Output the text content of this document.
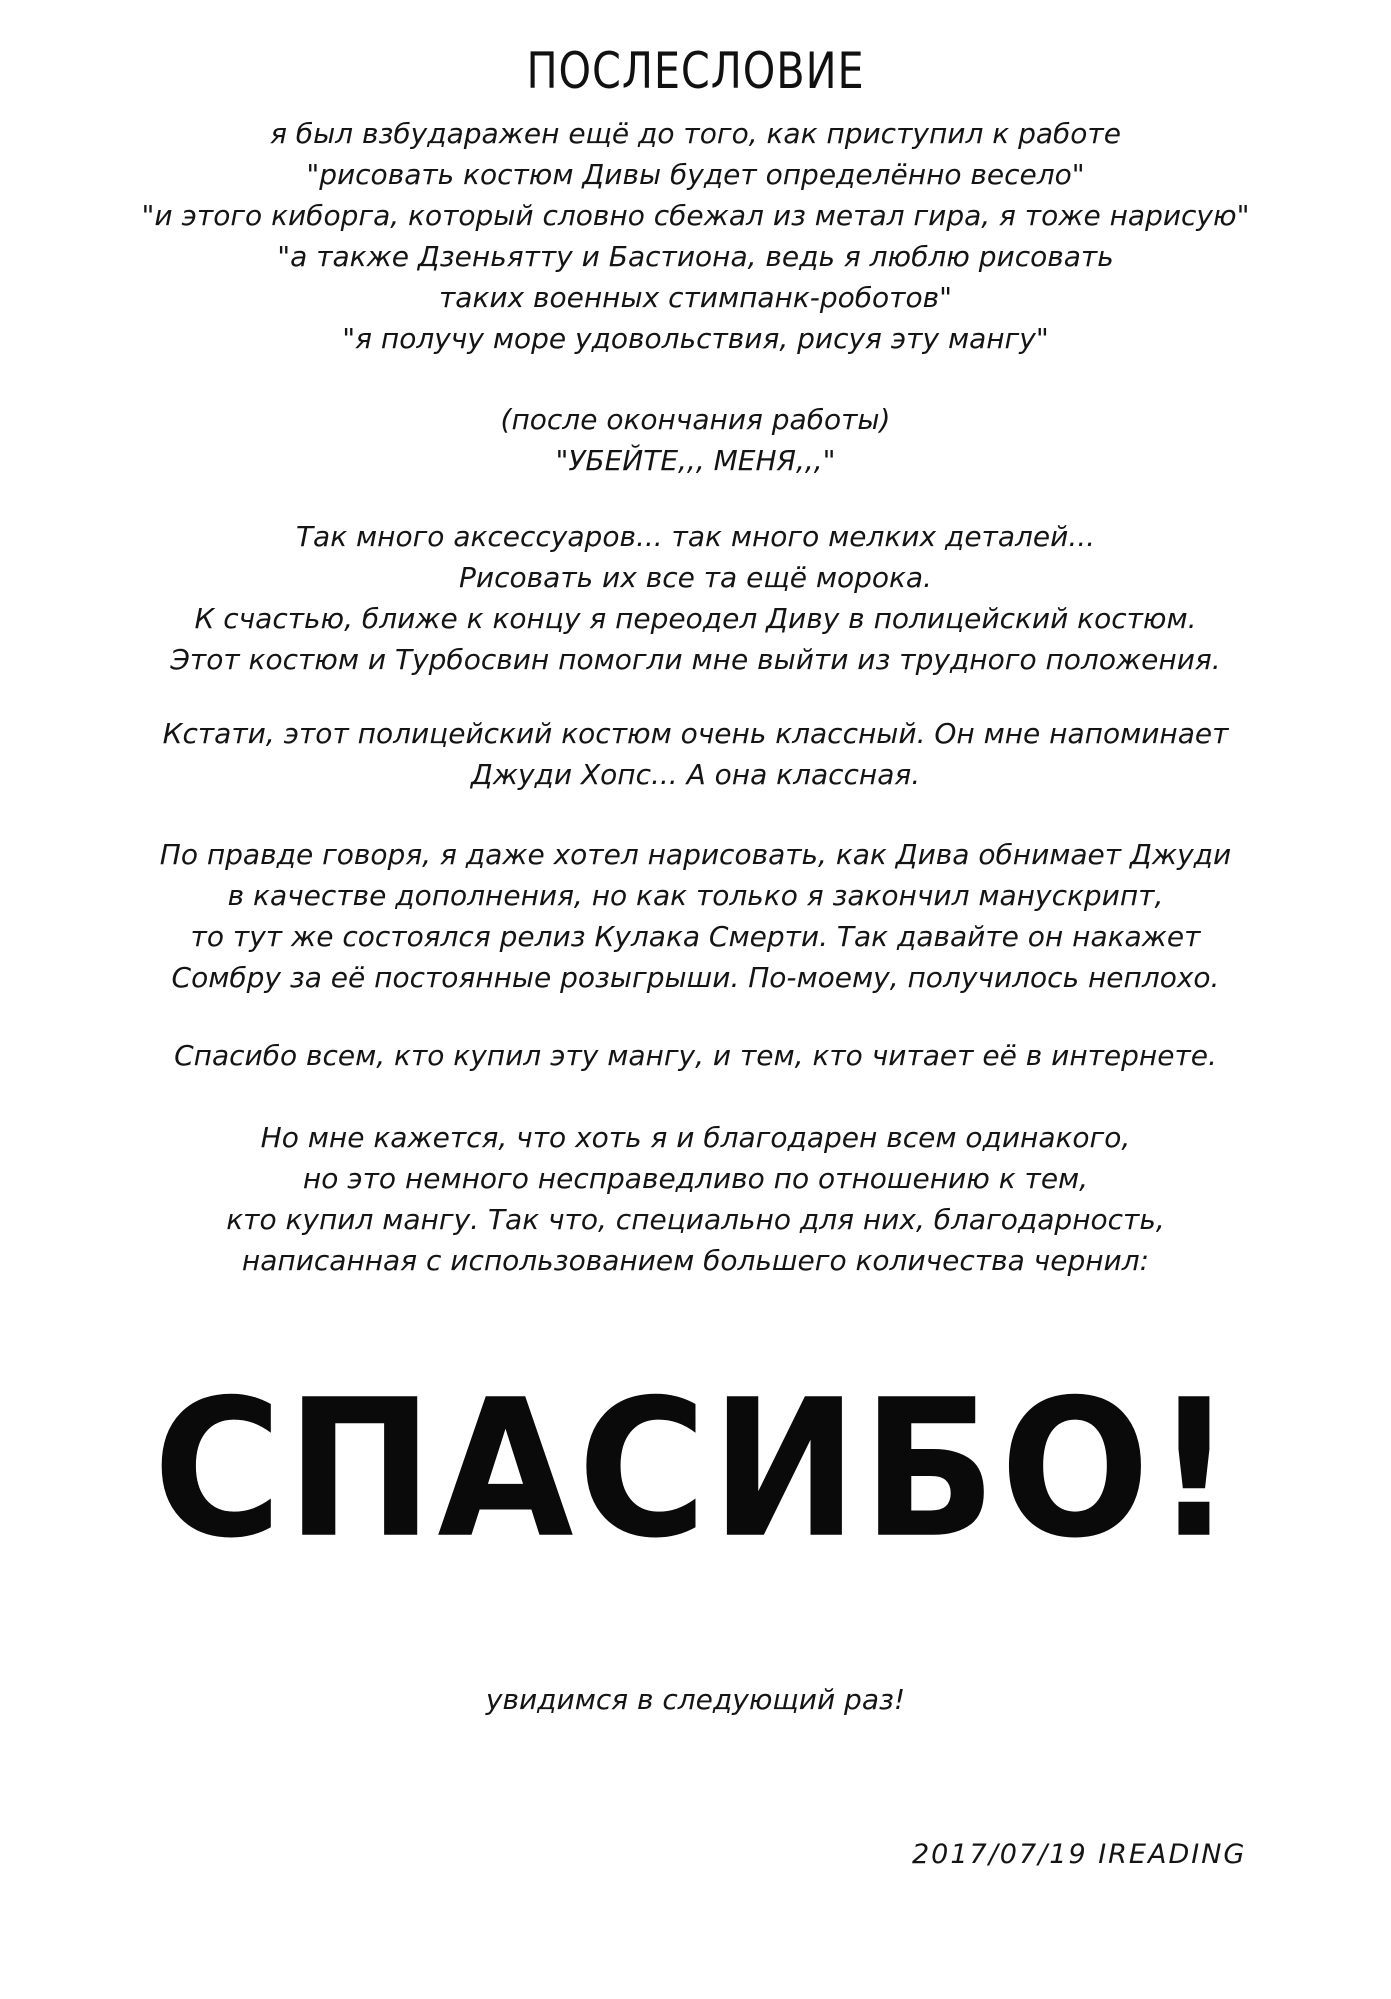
ПОСЛЕСЛОВИЕ
я был взбударажен ещё до того, как приступил к работе
"рисовать костюм Дивы будет определённо весело"
"и этого киборга, который словно сбежал из метал гира, я тоже нарисую"
"а также Дзеньятту и Бастиона, ведь я люблю рисовать
таких военных стимпанк-роботов"
"я получу море удовольствия, рисуя эту мангу"
(после окончания работы)
"УБЕЙТЕ,,, МЕНЯ,,,"
Так много аксессуаров... так много мелких деталей...
Рисовать их все та ещё морока.
К счастью, ближе к концу я переодел Диву в полицейский костюм.
Этот костюм и Турбосвин помогли мне выйти из трудного положения.
Кстати, этот полицейский костюм очень классный. Он мне напоминает
Джуди Хопс... А она классная.
По правде говоря, я даже хотел нарисовать, как Дива обнимает Джуди
в качестве дополнения, но как только я закончил манускрипт,
то тут же состоялся релиз Кулака Смерти. Так давайте он накажет
Сомбру за её постоянные розыгрыши. По-моему, получилось неплохо.
Спасибо всем, кто купил эту мангу, и тем, кто читает её в интернете.
Но мне кажется, что хоть я и благодарен всем одинакого,
но это немного несправедливо по отношению к тем,
кто купил мангу. Так что, специально для них, благодарность,
написанная с использованием большего количества чернил:
СПАСИБО!
увидимся в следующий раз!
2017/07/19 IREADING
